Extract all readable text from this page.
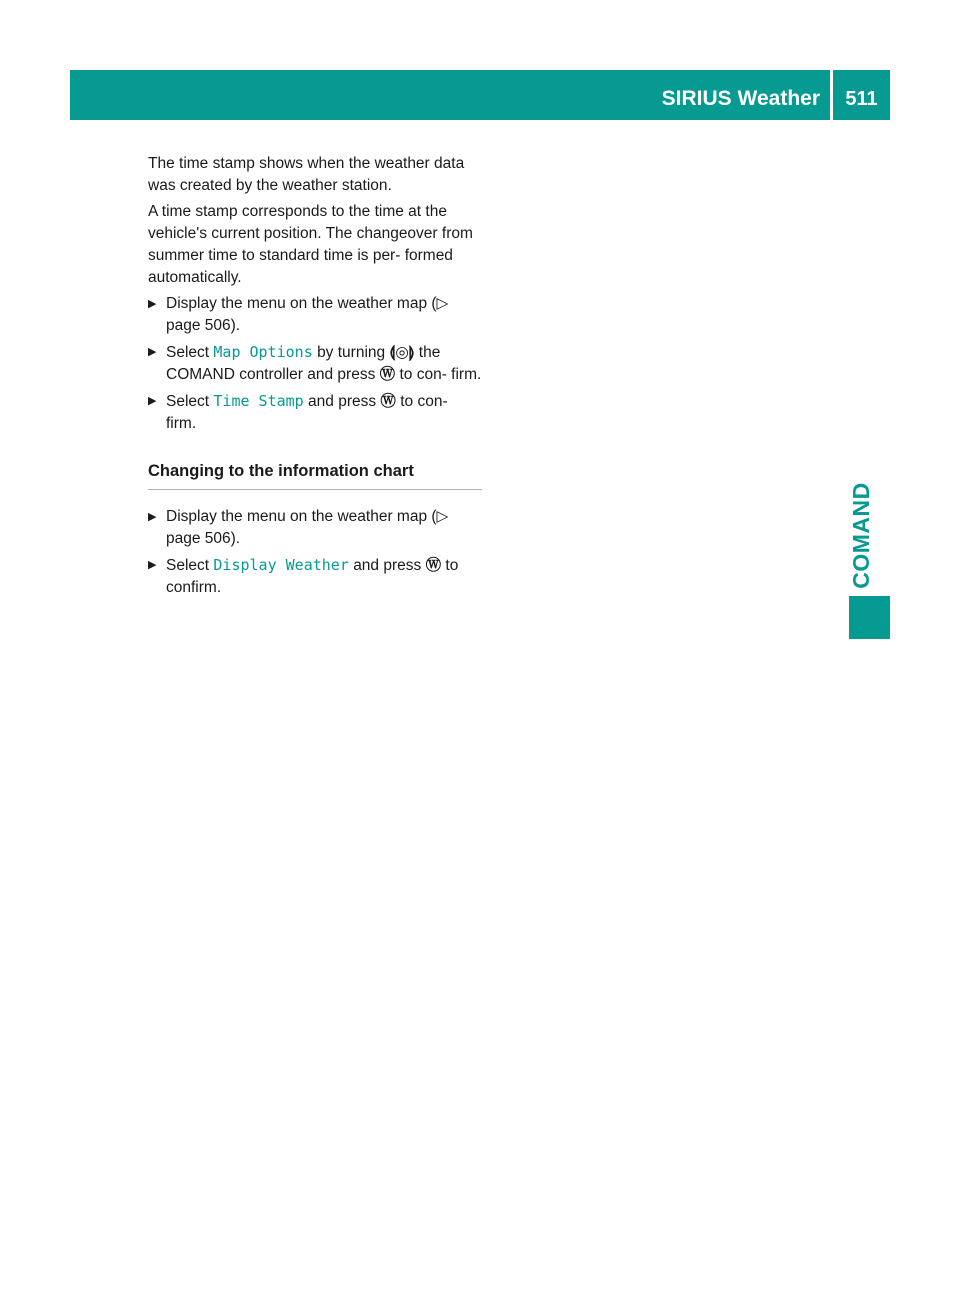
SIRIUS Weather	511
COMAND

The time stamp shows when the weather data was created by the weather station.

A time stamp corresponds to the time at the vehicle's current position. The changeover from summer time to standard time is per- formed automatically.

▶ Display the menu on the weather map (▷ page 506).
▶ Select Map Options by turning ⟬◎⟭ the COMAND controller and press Ⓦ to con- firm.
▶ Select Time Stamp and press Ⓦ to con- firm.
Changing to the information chart
▶ Display the menu on the weather map (▷ page 506).
▶ Select Display Weather and press Ⓦ to confirm.
